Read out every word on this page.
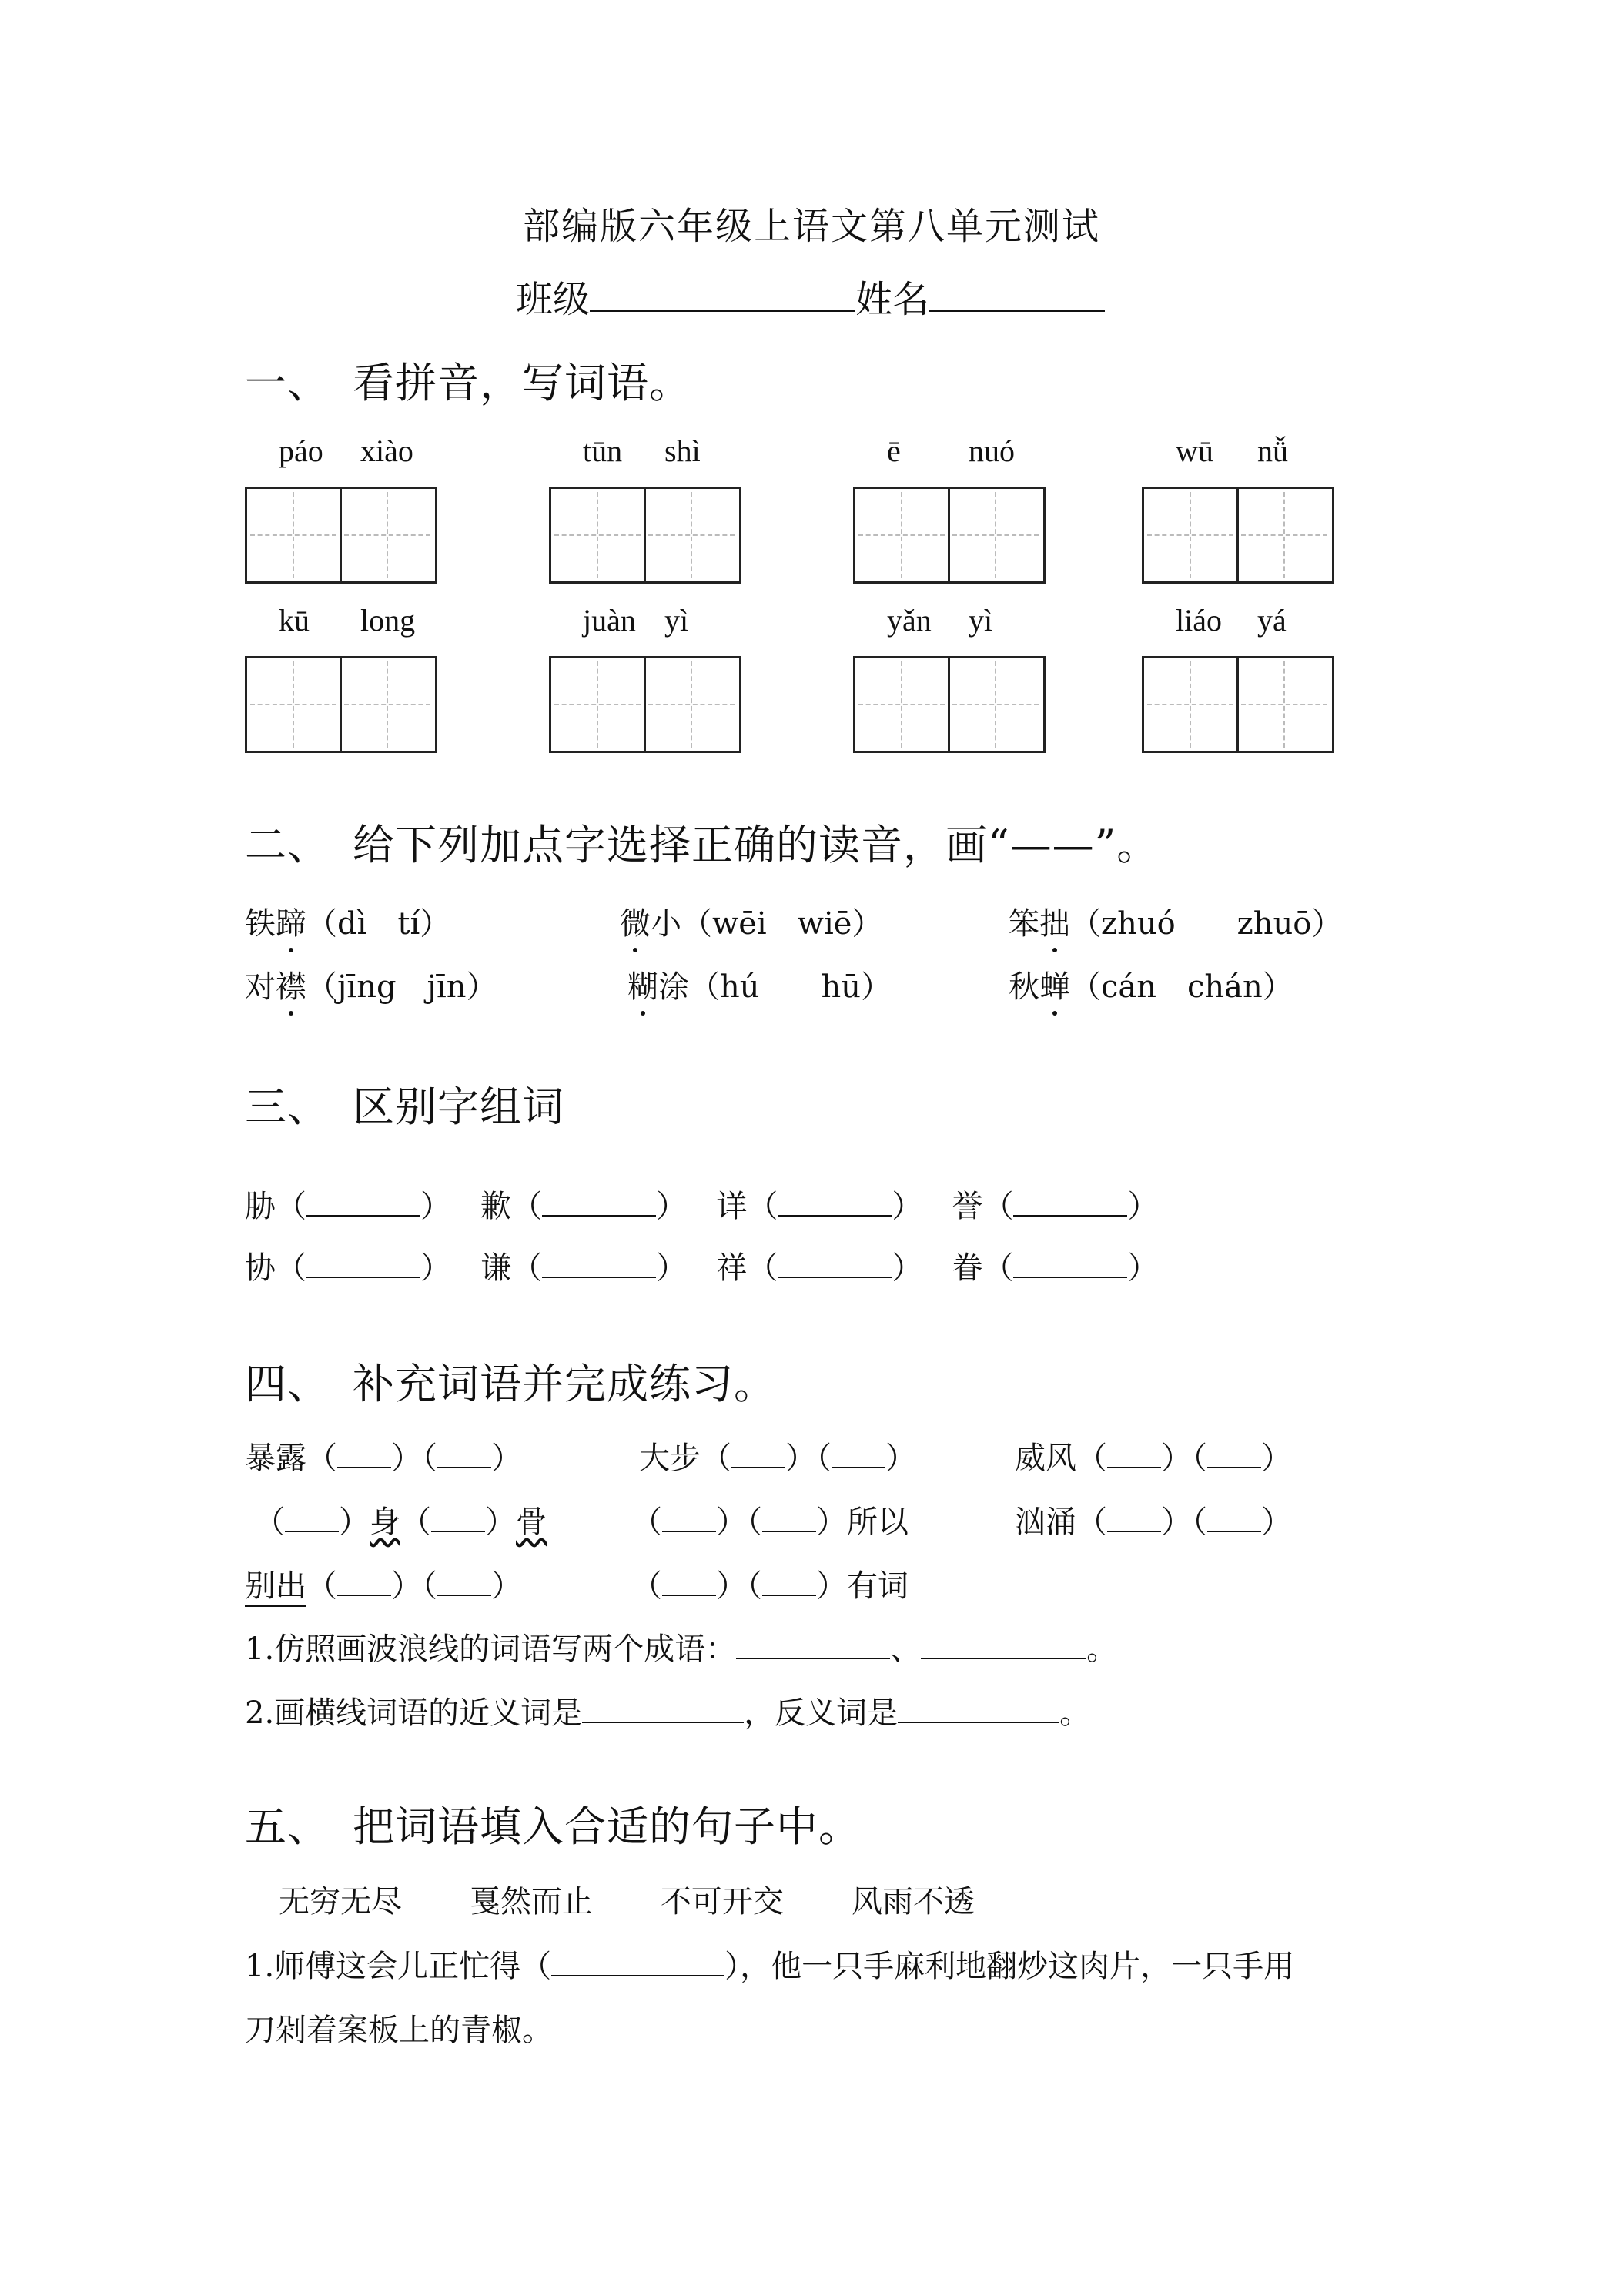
部编版六年级上语文第八单元测试
班级	姓名
一、 看拼音，写词语。
páo xiào	tūn shì	ē nuó	wū nǚ
kū long	juàn yì	yǎn yì	liáo yá
二、 给下列加点字选择正确的读音，画“——”。
铁蹄（dì　tí）	微小（wēi　wiē）	笨拙（zhuó　　zhuō）
对襟（jīng　jīn）	糊涂（hú　　hū）	秋蝉（cán　chán）
三、 区别字组词
胁（	） 歉（	） 详（	） 誉（	）
协（	） 谦（	） 祥（	） 眷（	）
四、 补充词语并完成练习。
暴露（ ）（ ）	大步（ ）（ ）	威风（ ）（ ）
（ ）身（ ）骨	（ ）（ ）所以	汹涌（ ）（ ）
别出（ ）（ ）	（ ）（ ）有词
1.仿照画波浪线的词语写两个成语：	、	。
2.画横线词语的近义词是	，反义词是	。
五、 把词语填入合适的句子中。
无穷无尽 戛然而止 不可开交 风雨不透
1.师傅这会儿正忙得（	），他一只手麻利地翻炒这肉片，一只手用
刀剁着案板上的青椒。
